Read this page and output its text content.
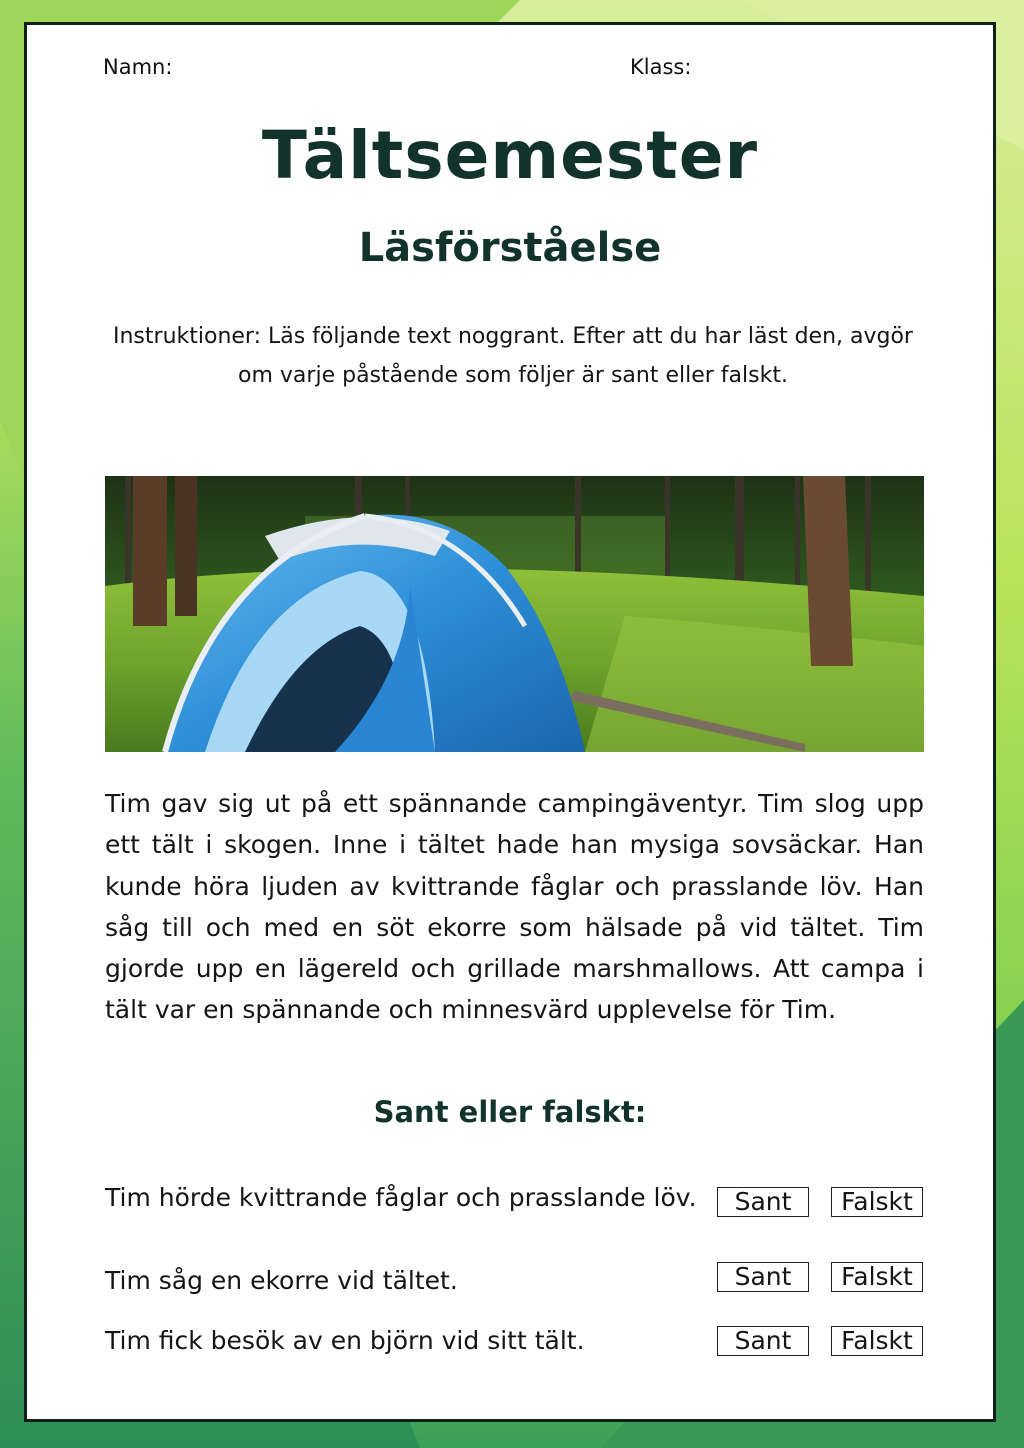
Namn:	Klass:
Tältsemester
Läsförståelse
Instruktioner: Läs följande text noggrant. Efter att du har läst den, avgör om varje påstående som följer är sant eller falskt.

Tim gav sig ut på ett spännande campingäventyr. Tim slog upp ett tält i skogen. Inne i tältet hade han mysiga sovsäckar. Han kunde höra ljuden av kvittrande fåglar och prasslande löv. Han såg till och med en söt ekorre som hälsade på vid tältet. Tim gjorde upp en lägereld och grillade marshmallows. Att campa i tält var en spännande och minnesvärd upplevelse för Tim.

Sant eller falskt:
Tim hörde kvittrande fåglar och prasslande löv.	Sant	Falskt
Tim såg en ekorre vid tältet.	Sant	Falskt
Tim fick besök av en björn vid sitt tält.	Sant	Falskt
